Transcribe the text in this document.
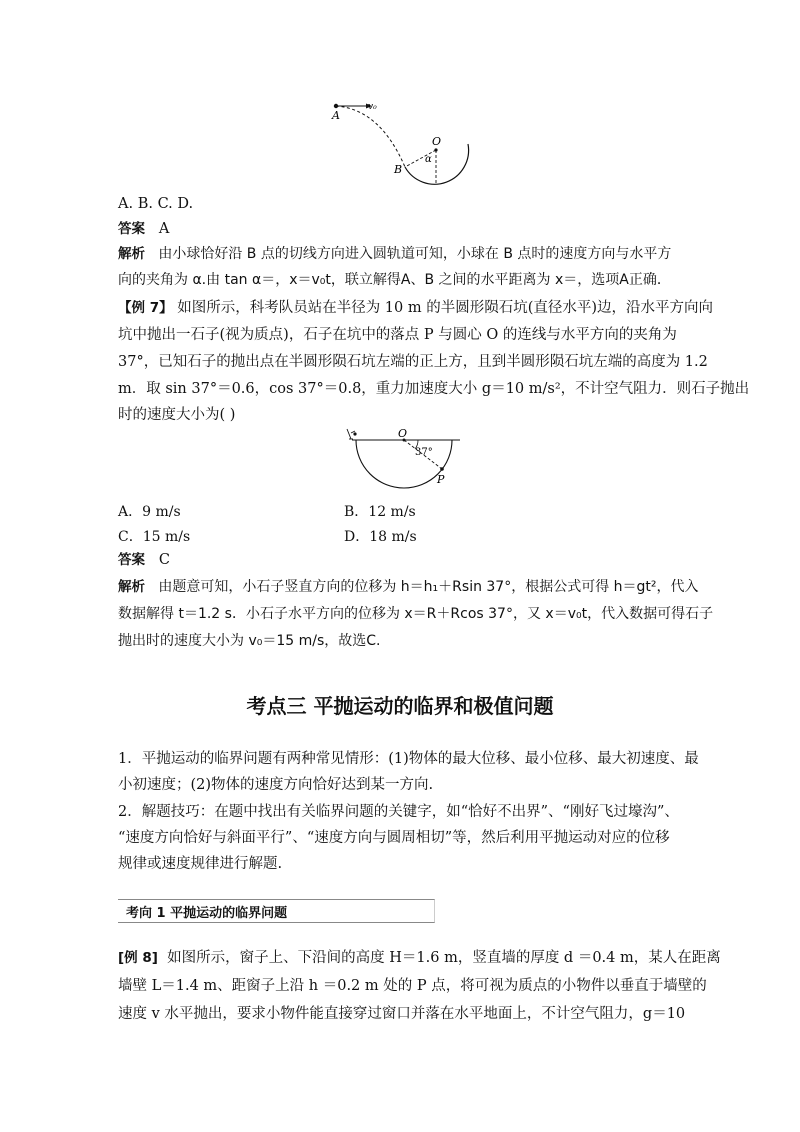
A
v₀
O
α
B
A. B. C. D.
答案 A
解析 由小球恰好沿 B 点的切线方向进入圆轨道可知，小球在 B 点时的速度方向与水平方
向的夹角为 α.由 tan α＝，x＝v₀t，联立解得A、B 之间的水平距离为 x＝，选项A正确．
【例 7】 如图所示，科考队员站在半径为 10 m 的半圆形陨石坑(直径水平)边，沿水平方向向
坑中抛出一石子(视为质点)，石子在坑中的落点 P 与圆心 O 的连线与水平方向的夹角为
37°，已知石子的抛出点在半圆形陨石坑左端的正上方，且到半圆形陨石坑左端的高度为 1.2
m．取 sin 37°＝0.6，cos 37°＝0.8，重力加速度大小 g＝10 m/s²，不计空气阻力．则石子抛出
时的速度大小为( )
O
37°
P
A．9 m/s	B．12 m/s
C．15 m/s	D．18 m/s
答案 C
解析 由题意可知，小石子竖直方向的位移为 h＝h₁＋Rsin 37°，根据公式可得 h＝gt²，代入
数据解得 t＝1.2 s．小石子水平方向的位移为 x＝R＋Rcos 37°，又 x＝v₀t，代入数据可得石子
抛出时的速度大小为 v₀＝15 m/s，故选C.
考点三 平抛运动的临界和极值问题
1．平抛运动的临界问题有两种常见情形：(1)物体的最大位移、最小位移、最大初速度、最
小初速度；(2)物体的速度方向恰好达到某一方向.
2．解题技巧：在题中找出有关临界问题的关键字，如“恰好不出界”、“刚好飞过壕沟”、
“速度方向恰好与斜面平行”、“速度方向与圆周相切”等，然后利用平抛运动对应的位移
规律或速度规律进行解题.
考向 1 平抛运动的临界问题
[例 8] 如图所示，窗子上、下沿间的高度 H＝1.6 m，竖直墙的厚度 d ＝0.4 m，某人在距离
墙壁 L＝1.4 m、距窗子上沿 h ＝0.2 m 处的 P 点，将可视为质点的小物件以垂直于墙壁的
速度 v 水平抛出，要求小物件能直接穿过窗口并落在水平地面上，不计空气阻力，g＝10
